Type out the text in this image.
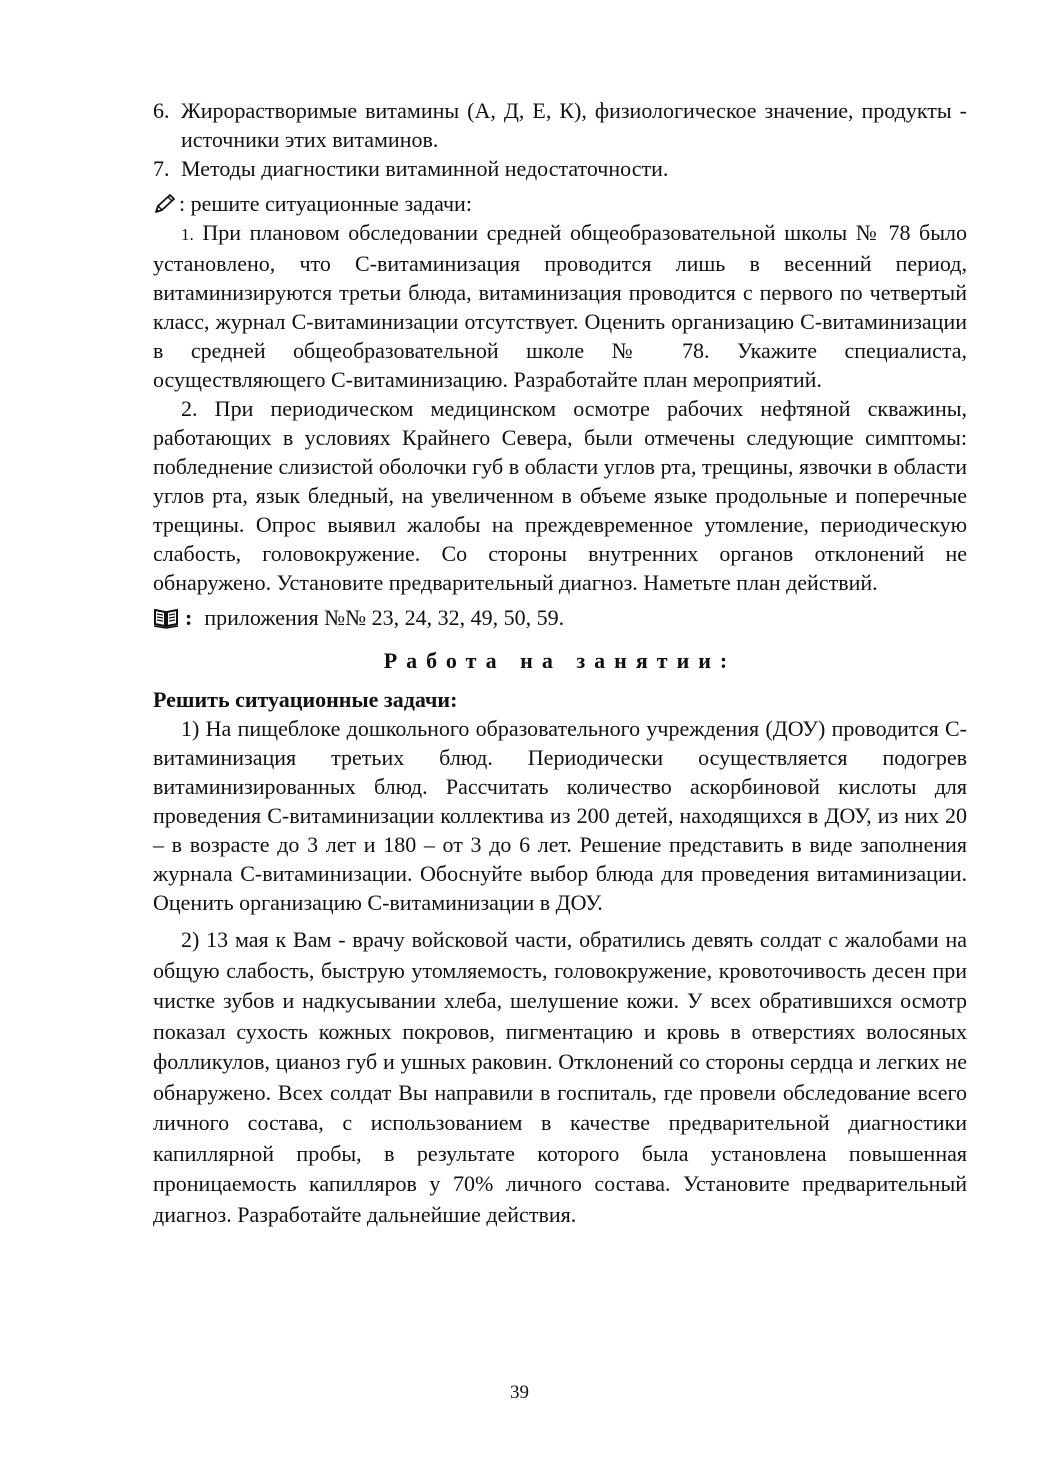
6. Жирорастворимые витамины (А, Д, Е, К), физиологическое значение, продукты - источники этих витаминов.
7. Методы диагностики витаминной недостаточности.
: решите ситуационные задачи:
1. При плановом обследовании средней общеобразовательной школы № 78 было установлено, что С-витаминизация проводится лишь в весенний период, витаминизируются третьи блюда, витаминизация проводится с первого по четвертый класс, журнал С-витаминизации отсутствует. Оценить организацию С-витаминизации в средней общеобразовательной школе № 78. Укажите специалиста, осуществляющего С-витаминизацию. Разработайте план мероприятий.
2. При периодическом медицинском осмотре рабочих нефтяной скважины, работающих в условиях Крайнего Севера, были отмечены следующие симптомы: побледнение слизистой оболочки губ в области углов рта, трещины, язвочки в области углов рта, язык бледный, на увеличенном в объеме языке продольные и поперечные трещины. Опрос выявил жалобы на преждевременное утомление, периодическую слабость, головокружение. Со стороны внутренних органов отклонений не обнаружено. Установите предварительный диагноз. Наметьте план действий.
: приложения №№ 23, 24, 32, 49, 50, 59.
Работа на занятии:
Решить ситуационные задачи:
1) На пищеблоке дошкольного образовательного учреждения (ДОУ) проводится С- витаминизация третьих блюд. Периодически осуществляется подогрев витаминизированных блюд. Рассчитать количество аскорбиновой кислоты для проведения С-витаминизации коллектива из 200 детей, находящихся в ДОУ, из них 20 – в возрасте до 3 лет и 180 – от 3 до 6 лет. Решение представить в виде заполнения журнала С-витаминизации. Обоснуйте выбор блюда для проведения витаминизации. Оценить организацию С-витаминизации в ДОУ.
2) 13 мая к Вам - врачу войсковой части, обратились девять солдат с жалобами на общую слабость, быструю утомляемость, головокружение, кровоточивость десен при чистке зубов и надкусывании хлеба, шелушение кожи. У всех обратившихся осмотр показал сухость кожных покровов, пигментацию и кровь в отверстиях волосяных фолликулов, цианоз губ и ушных раковин. Отклонений со стороны сердца и легких не обнаружено. Всех солдат Вы направили в госпиталь, где провели обследование всего личного состава, с использованием в качестве предварительной диагностики капиллярной пробы, в результате которого была установлена повышенная проницаемость капилляров у 70% личного состава. Установите предварительный диагноз. Разработайте дальнейшие действия.
39
